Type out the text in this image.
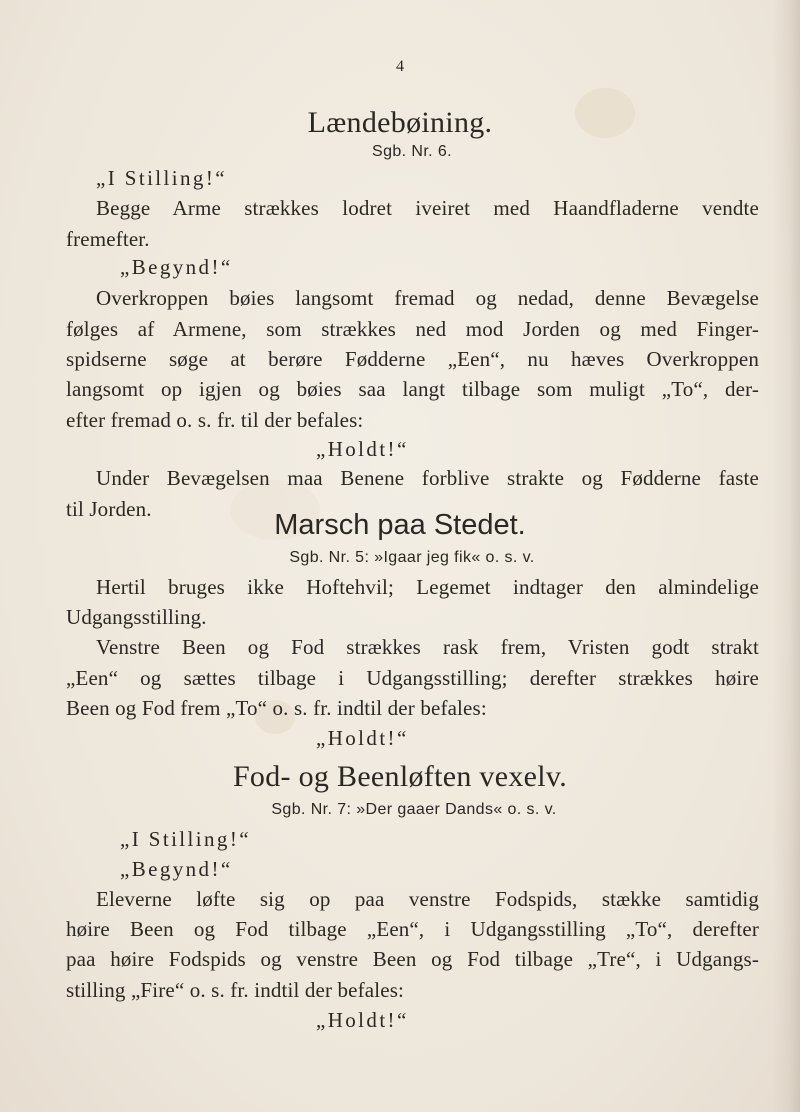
4
Lændebøining.
Sgb. Nr. 6.
„I Stilling!“
Begge Arme strækkes lodret iveiret med Haandfladerne vendte
fremefter.
„Begynd!“
Overkroppen bøies langsomt fremad og nedad, denne Bevægelse
følges af Armene, som strækkes ned mod Jorden og med Finger-
spidserne søge at berøre Fødderne „Een“, nu hæves Overkroppen
langsomt op igjen og bøies saa langt tilbage som muligt „To“, der-
efter fremad o. s. fr. til der befales:
„Holdt!“
Under Bevægelsen maa Benene forblive strakte og Fødderne faste
til Jorden.	Marsch paa Stedet.
Sgb. Nr. 5: »Igaar jeg fik« o. s. v.
Hertil bruges ikke Hoftehvil; Legemet indtager den almindelige
Udgangsstilling.
Venstre Been og Fod strækkes rask frem, Vristen godt strakt
„Een“ og sættes tilbage i Udgangsstilling; derefter strækkes høire
Been og Fod frem „To“ o. s. fr. indtil der befales:
„Holdt!“
Fod- og Beenløften vexelv.
Sgb. Nr. 7: »Der gaaer Dands« o. s. v.
„I Stilling!“
„Begynd!“
Eleverne løfte sig op paa venstre Fodspids, stække samtidig
høire Been og Fod tilbage „Een“, i Udgangsstilling „To“, derefter
paa høire Fodspids og venstre Been og Fod tilbage „Tre“, i Udgangs-
stilling „Fire“ o. s. fr. indtil der befales:
„Holdt!“
